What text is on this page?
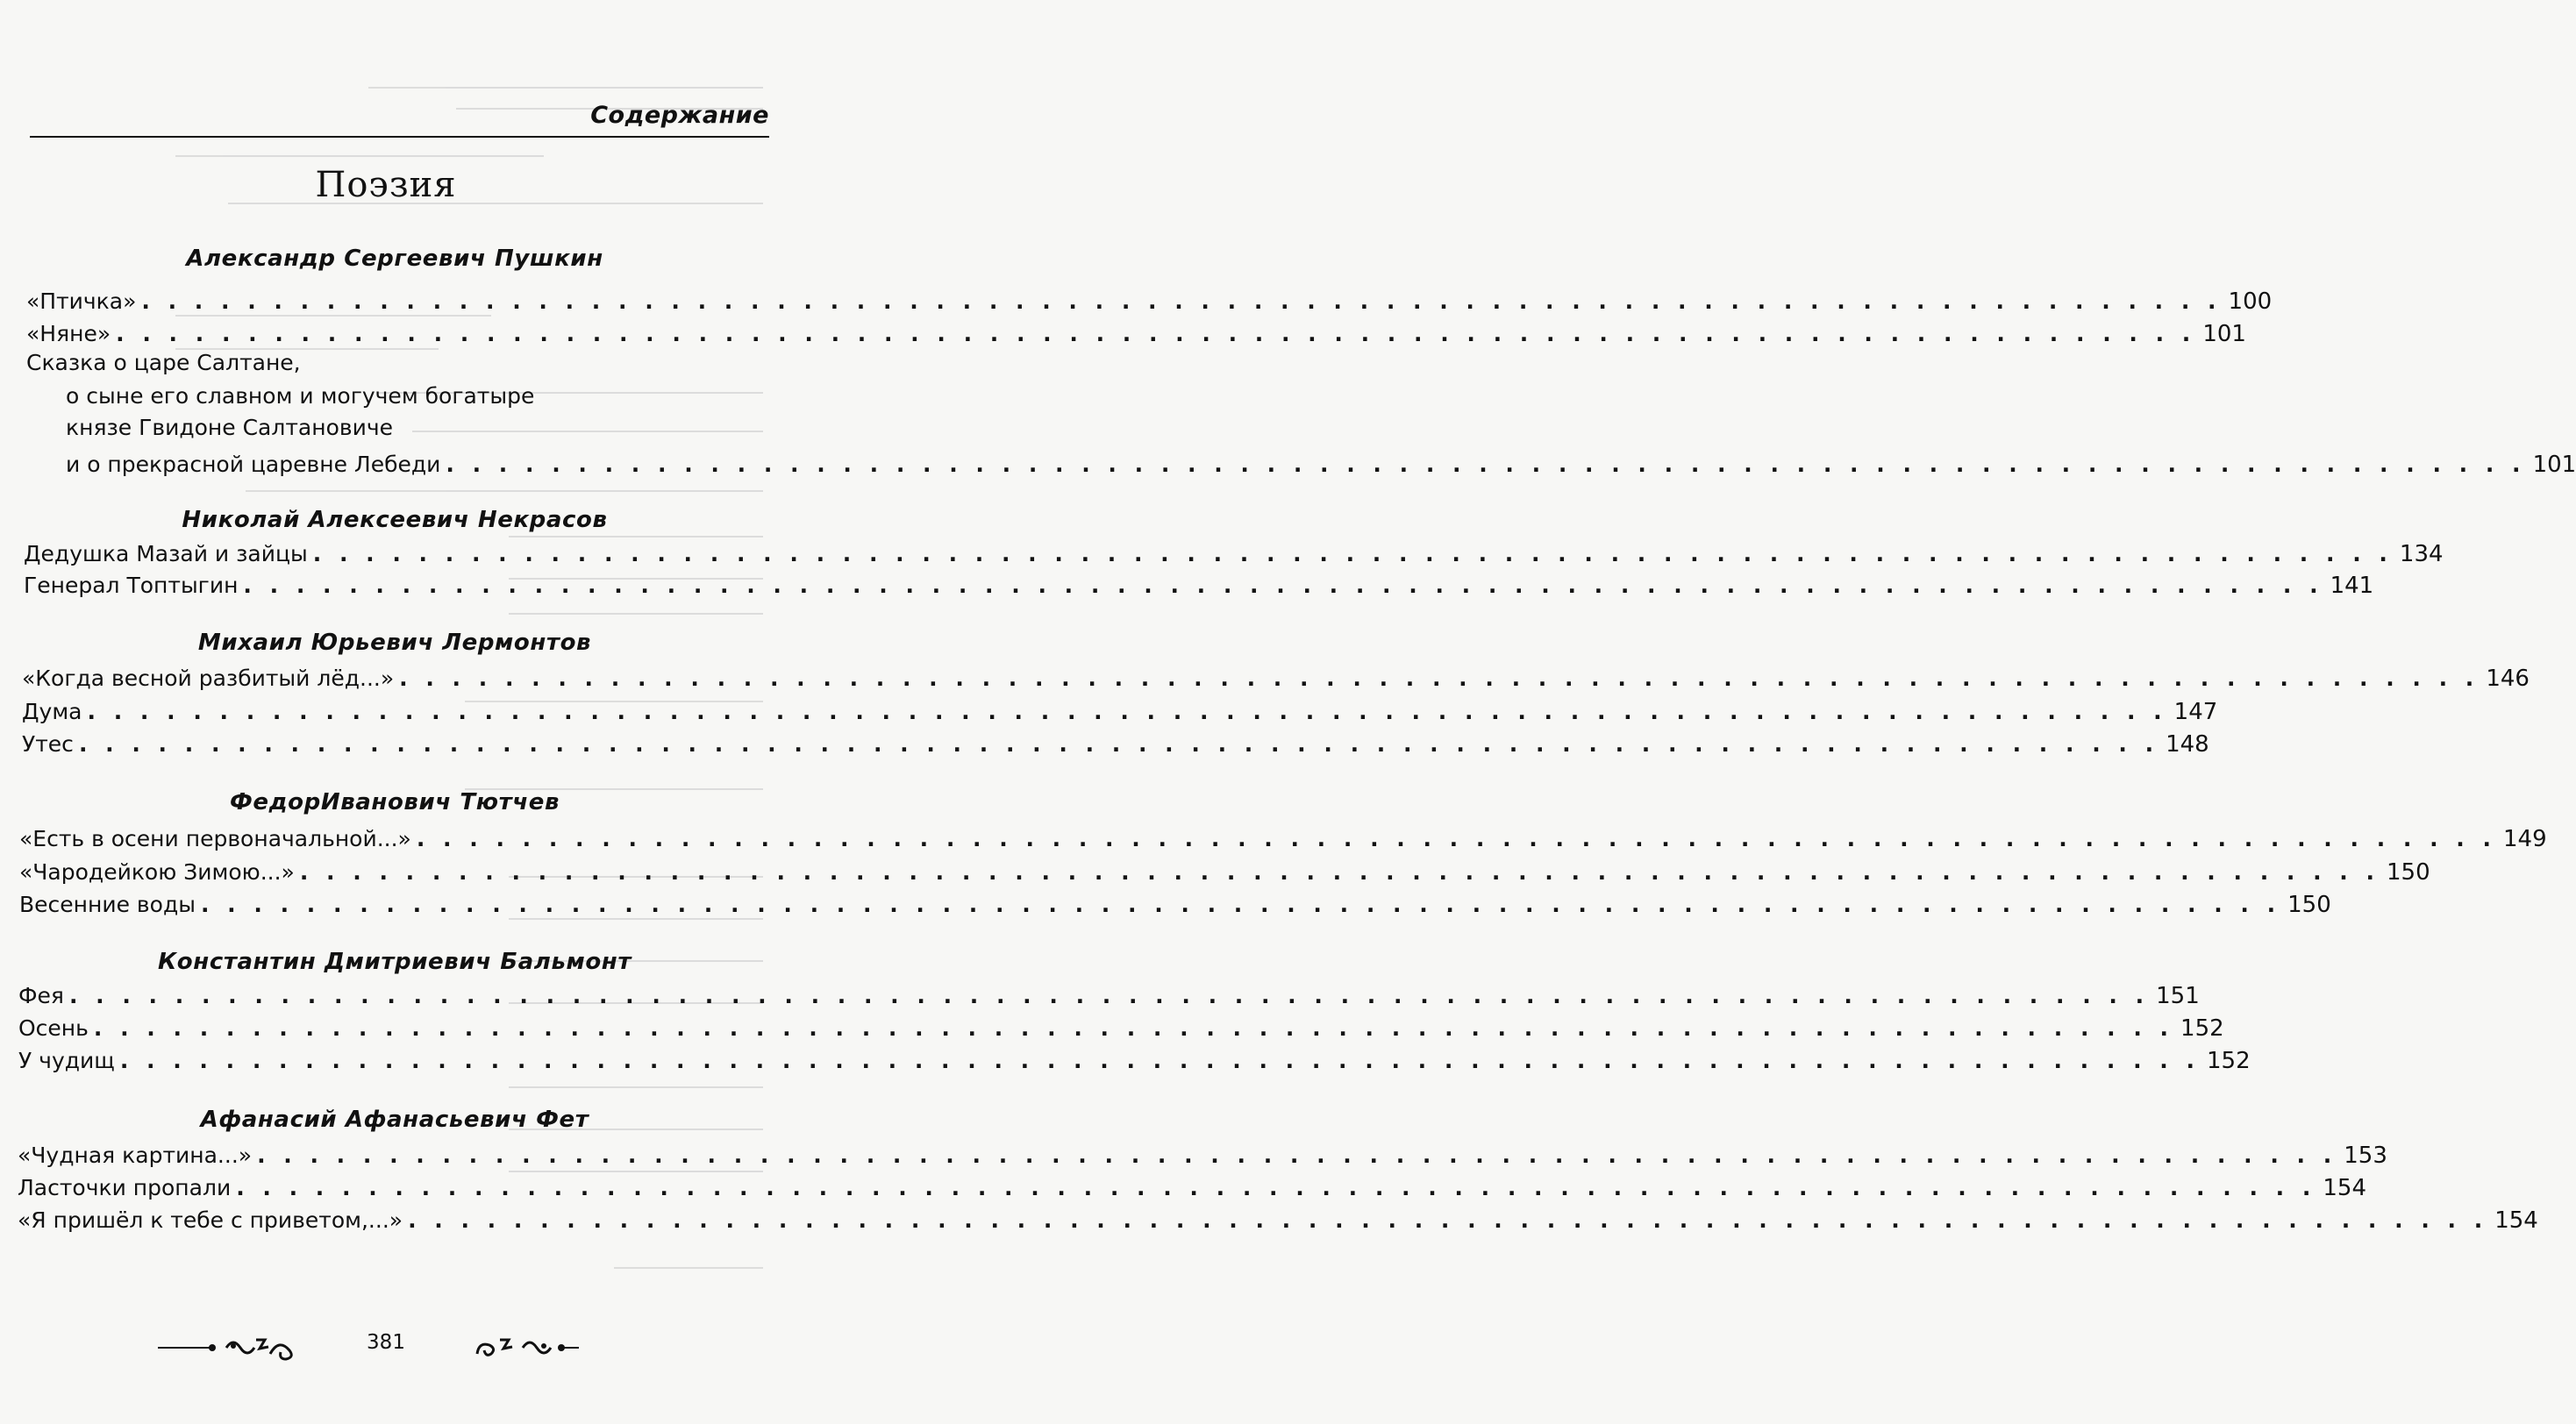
Содержание
Поэзия
Александр Сергеевич Пушкин
«Птичка» . . . . . . . . . . . . . . . . . . . . . . . . . . . . . . . . . . . . . . . . . . . . . . . . . . . . . . . . . . . . . . . . . . . . . . . . . . . . . . . 100
«Няне» . . . . . . . . . . . . . . . . . . . . . . . . . . . . . . . . . . . . . . . . . . . . . . . . . . . . . . . . . . . . . . . . . . . . . . . . . . . . . . . 101
Сказка о царе Салтане,
о сыне его славном и могучем богатыре
князе Гвидоне Салтановиче
и о прекрасной царевне Лебеди . . . . . . . . . . . . . . . . . . . . . . . . . . . . . . . . . . . . . . . . . . . . . . . . . . . . . . . . . . . . . . . . . . . . . . . . . . . . . . . 101
Николай Алексеевич Некрасов
Дедушка Мазай и зайцы . . . . . . . . . . . . . . . . . . . . . . . . . . . . . . . . . . . . . . . . . . . . . . . . . . . . . . . . . . . . . . . . . . . . . . . . . . . . . . . 134
Генерал Топтыгин . . . . . . . . . . . . . . . . . . . . . . . . . . . . . . . . . . . . . . . . . . . . . . . . . . . . . . . . . . . . . . . . . . . . . . . . . . . . . . . 141
Михаил Юрьевич Лермонтов
«Когда весной разбитый лёд...» . . . . . . . . . . . . . . . . . . . . . . . . . . . . . . . . . . . . . . . . . . . . . . . . . . . . . . . . . . . . . . . . . . . . . . . . . . . . . . . 146
Дума . . . . . . . . . . . . . . . . . . . . . . . . . . . . . . . . . . . . . . . . . . . . . . . . . . . . . . . . . . . . . . . . . . . . . . . . . . . . . . . 147
Утес . . . . . . . . . . . . . . . . . . . . . . . . . . . . . . . . . . . . . . . . . . . . . . . . . . . . . . . . . . . . . . . . . . . . . . . . . . . . . . . 148
ФедорИванович Тютчев
«Есть в осени первоначальной...» . . . . . . . . . . . . . . . . . . . . . . . . . . . . . . . . . . . . . . . . . . . . . . . . . . . . . . . . . . . . . . . . . . . . . . . . . . . . . . . 149
«Чародейкою Зимою...» . . . . . . . . . . . . . . . . . . . . . . . . . . . . . . . . . . . . . . . . . . . . . . . . . . . . . . . . . . . . . . . . . . . . . . . . . . . . . . . 150
Весенние воды . . . . . . . . . . . . . . . . . . . . . . . . . . . . . . . . . . . . . . . . . . . . . . . . . . . . . . . . . . . . . . . . . . . . . . . . . . . . . . . 150
Константин Дмитриевич Бальмонт
Фея . . . . . . . . . . . . . . . . . . . . . . . . . . . . . . . . . . . . . . . . . . . . . . . . . . . . . . . . . . . . . . . . . . . . . . . . . . . . . . . 151
Осень . . . . . . . . . . . . . . . . . . . . . . . . . . . . . . . . . . . . . . . . . . . . . . . . . . . . . . . . . . . . . . . . . . . . . . . . . . . . . . . 152
У чудищ . . . . . . . . . . . . . . . . . . . . . . . . . . . . . . . . . . . . . . . . . . . . . . . . . . . . . . . . . . . . . . . . . . . . . . . . . . . . . . . 152
Афанасий Афанасьевич Фет
«Чудная картина...» . . . . . . . . . . . . . . . . . . . . . . . . . . . . . . . . . . . . . . . . . . . . . . . . . . . . . . . . . . . . . . . . . . . . . . . . . . . . . . . 153
Ласточки пропали . . . . . . . . . . . . . . . . . . . . . . . . . . . . . . . . . . . . . . . . . . . . . . . . . . . . . . . . . . . . . . . . . . . . . . . . . . . . . . . 154
«Я пришёл к тебе с приветом,...» . . . . . . . . . . . . . . . . . . . . . . . . . . . . . . . . . . . . . . . . . . . . . . . . . . . . . . . . . . . . . . . . . . . . . . . . . . . . . . . 154
381
